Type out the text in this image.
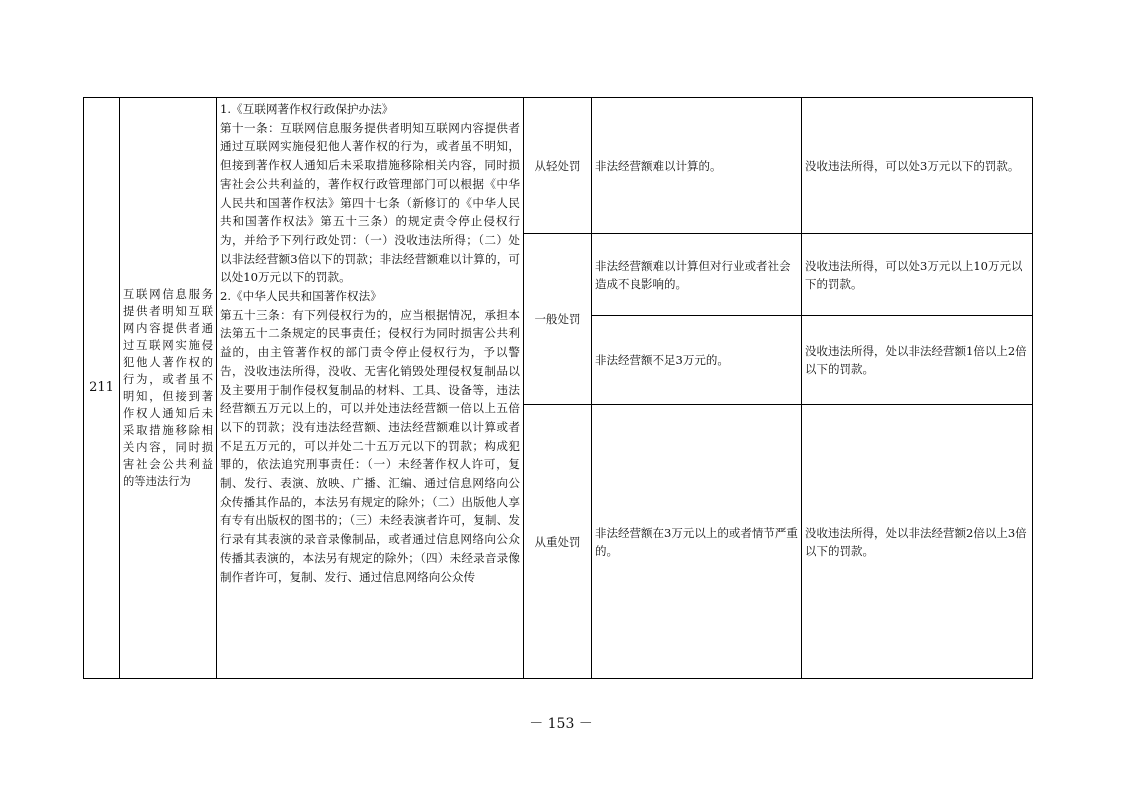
211
互联网信息服务提供者明知互联网内容提供者通过互联网实施侵犯他人著作权的行为，或者虽不明知，但接到著作权人通知后未采取措施移除相关内容，同时损害社会公共利益的等违法行为

1.《互联网著作权行政保护办法》

第十一条：互联网信息服务提供者明知互联网内容提供者通过互联网实施侵犯他人著作权的行为，或者虽不明知，但接到著作权人通知后未采取措施移除相关内容，同时损害社会公共利益的，著作权行政管理部门可以根据《中华人民共和国著作权法》第四十七条（新修订的《中华人民共和国著作权法》第五十三条）的规定责令停止侵权行为，并给予下列行政处罚：（一）没收违法所得；（二）处以非法经营额3倍以下的罚款；非法经营额难以计算的，可以处10万元以下的罚款。

2.《中华人民共和国著作权法》

第五十三条：有下列侵权行为的，应当根据情况，承担本法第五十二条规定的民事责任；侵权行为同时损害公共利益的，由主管著作权的部门责令停止侵权行为，予以警告，没收违法所得，没收、无害化销毁处理侵权复制品以及主要用于制作侵权复制品的材料、工具、设备等，违法经营额五万元以上的，可以并处违法经营额一倍以上五倍以下的罚款；没有违法经营额、违法经营额难以计算或者不足五万元的，可以并处二十五万元以下的罚款；构成犯罪的，依法追究刑事责任：（一）未经著作权人许可，复制、发行、表演、放映、广播、汇编、通过信息网络向公众传播其作品的，本法另有规定的除外；（二）出版他人享有专有出版权的图书的；（三）未经表演者许可，复制、发行录有其表演的录音录像制品，或者通过信息网络向公众传播其表演的，本法另有规定的除外；（四）未经录音录像制作者许可，复制、发行、通过信息网络向公众传

从轻处罚
一般处罚
从重处罚
非法经营额难以计算的。
非法经营额难以计算但对行业或者社会造成不良影响的。
非法经营额不足3万元的。
非法经营额在3万元以上的或者情节严重的。
没收违法所得，可以处3万元以下的罚款。
没收违法所得，可以处3万元以上10万元以下的罚款。
没收违法所得，处以非法经营额1倍以上2倍以下的罚款。
没收违法所得，处以非法经营额2倍以上3倍以下的罚款。
－ 153 －
